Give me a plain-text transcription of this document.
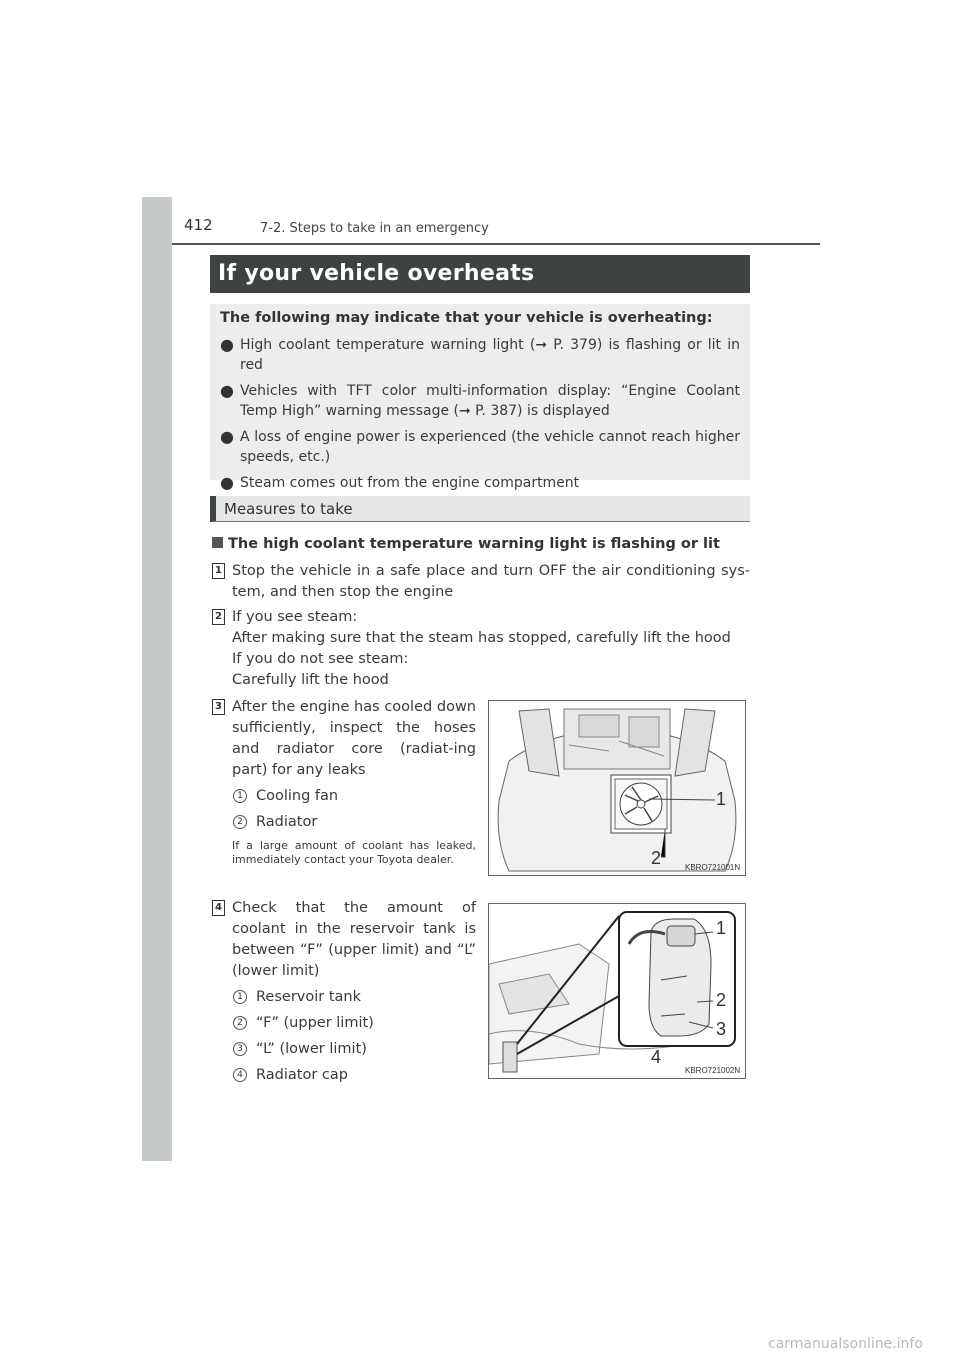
412	7-2. Steps to take in an emergency
If your vehicle overheats
The following may indicate that your vehicle is overheating:
● High coolant temperature warning light (➞ P. 379) is flashing or lit in red
● Vehicles with TFT color multi-information display: “Engine Coolant Temp High” warning message (➞ P. 387) is displayed
● A loss of engine power is experienced (the vehicle cannot reach higher speeds, etc.)
● Steam comes out from the engine compartment
Measures to take
The high coolant temperature warning light is flashing or lit
1 Stop the vehicle in a safe place and turn OFF the air conditioning sys-tem, and then stop the engine
2 If you see steam:
After making sure that the steam has stopped, carefully lift the hood
If you do not see steam:
Carefully lift the hood
3 After the engine has cooled down sufficiently, inspect the hoses and radiator core (radiat-ing part) for any leaks
1 Cooling fan
2 Radiator
If a large amount of coolant has leaked, immediately contact your Toyota dealer.
KBRO721001N
1
2
4 Check that the amount of coolant in the reservoir tank is between “F” (upper limit) and “L” (lower limit)
1 Reservoir tank
2 “F” (upper limit)
3 “L” (lower limit)
4 Radiator cap	KBRO721002N
1
2
3
4
carmanualsonline.info
